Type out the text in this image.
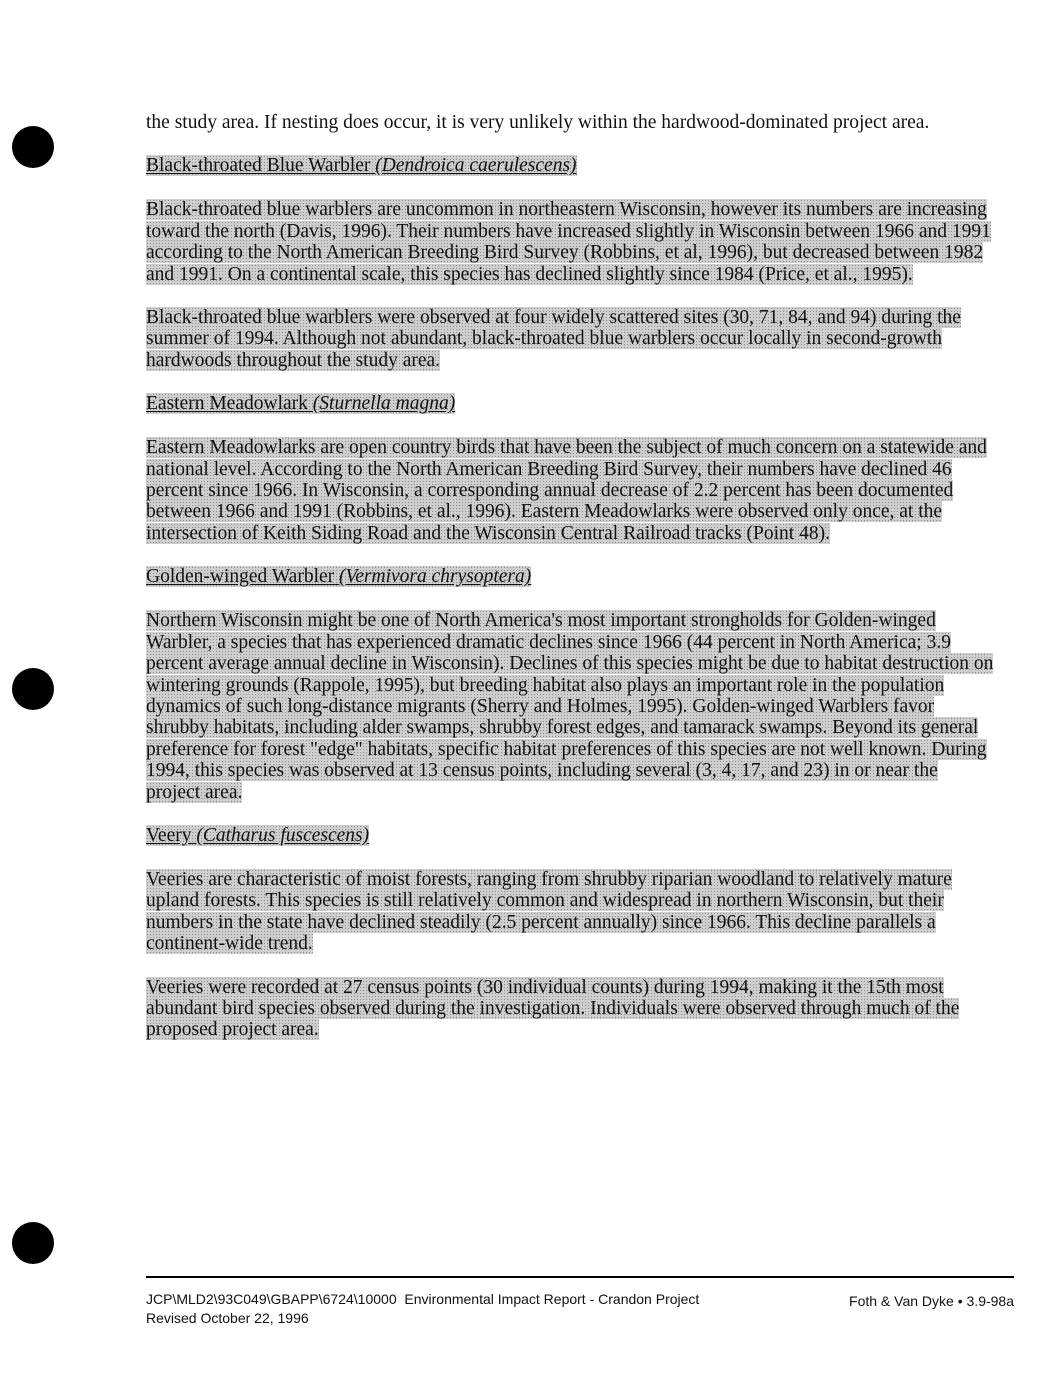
the study area. If nesting does occur, it is very unlikely within the hardwood-dominated project area.

Black-throated Blue Warbler (Dendroica caerulescens)

Black-throated blue warblers are uncommon in northeastern Wisconsin, however its numbers are increasing toward the north (Davis, 1996). Their numbers have increased slightly in Wisconsin between 1966 and 1991 according to the North American Breeding Bird Survey (Robbins, et al, 1996), but decreased between 1982 and 1991. On a continental scale, this species has declined slightly since 1984 (Price, et al., 1995).

Black-throated blue warblers were observed at four widely scattered sites (30, 71, 84, and 94) during the summer of 1994. Although not abundant, black-throated blue warblers occur locally in second-growth hardwoods throughout the study area.

Eastern Meadowlark (Sturnella magna)

Eastern Meadowlarks are open country birds that have been the subject of much concern on a statewide and national level. According to the North American Breeding Bird Survey, their numbers have declined 46 percent since 1966. In Wisconsin, a corresponding annual decrease of 2.2 percent has been documented between 1966 and 1991 (Robbins, et al., 1996). Eastern Meadowlarks were observed only once, at the intersection of Keith Siding Road and the Wisconsin Central Railroad tracks (Point 48).

Golden-winged Warbler (Vermivora chrysoptera)

Northern Wisconsin might be one of North America's most important strongholds for Golden-winged Warbler, a species that has experienced dramatic declines since 1966 (44 percent in North America; 3.9 percent average annual decline in Wisconsin). Declines of this species might be due to habitat destruction on wintering grounds (Rappole, 1995), but breeding habitat also plays an important role in the population dynamics of such long-distance migrants (Sherry and Holmes, 1995). Golden-winged Warblers favor shrubby habitats, including alder swamps, shrubby forest edges, and tamarack swamps. Beyond its general preference for forest "edge" habitats, specific habitat preferences of this species are not well known. During 1994, this species was observed at 13 census points, including several (3, 4, 17, and 23) in or near the project area.

Veery (Catharus fuscescens)

Veeries are characteristic of moist forests, ranging from shrubby riparian woodland to relatively mature upland forests. This species is still relatively common and widespread in northern Wisconsin, but their numbers in the state have declined steadily (2.5 percent annually) since 1966. This decline parallels a continent-wide trend.

Veeries were recorded at 27 census points (30 individual counts) during 1994, making it the 15th most abundant bird species observed during the investigation. Individuals were observed through much of the proposed project area.

JCP\MLD2\93C049\GBAPP\6724\10000 Environmental Impact Report - Crandon Project
Revised October 22, 1996
Foth & Van Dyke • 3.9-98a
